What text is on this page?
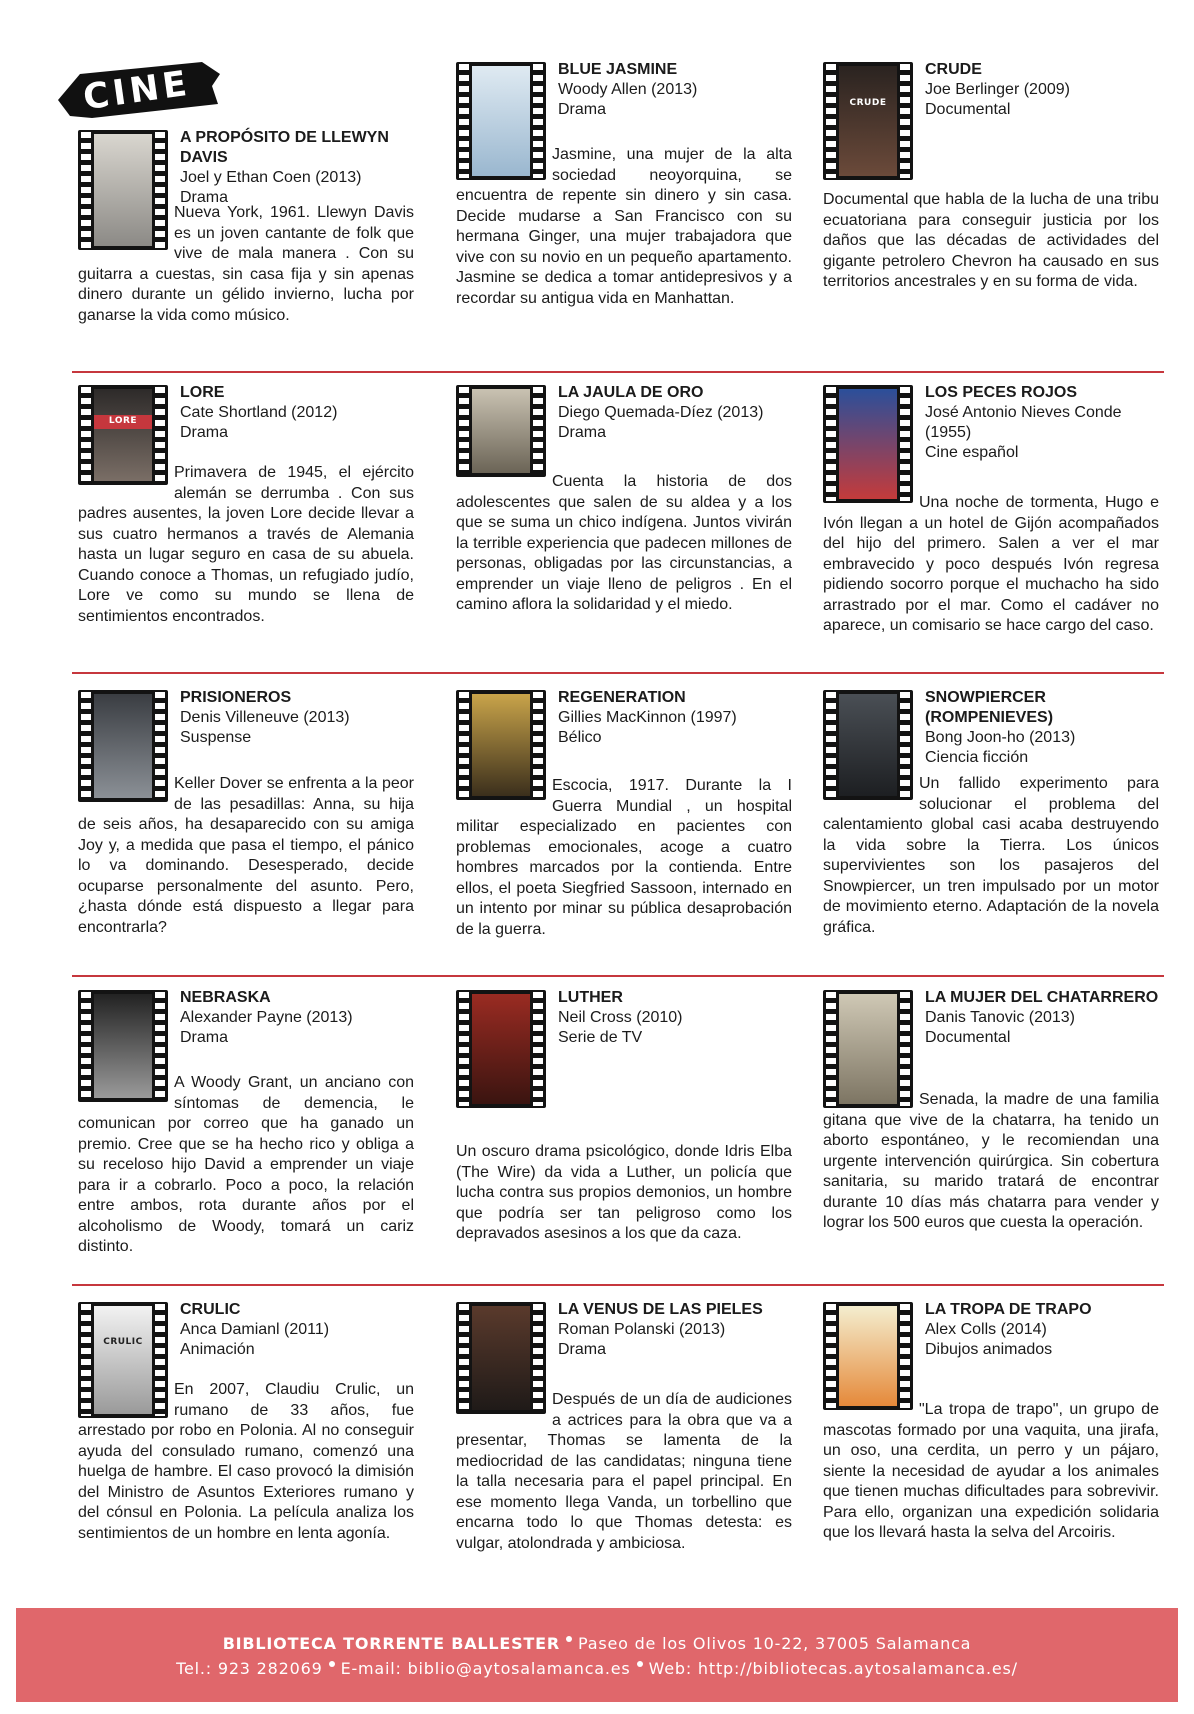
CINE
A PROPÓSITO DE LLEWYN DAVIS
Joel y Ethan Coen (2013)
Drama
Nueva York, 1961. Llewyn Davis es un joven cantante de folk que vive de mala manera . Con su guitarra a cuestas, sin casa fija y sin apenas dinero durante un gélido invierno, lucha por ganarse la vida como músico.
BLUE JASMINE
Woody Allen (2013)
Drama
Jasmine, una mujer de la alta sociedad neoyorquina, se encuentra de repente sin dinero y sin casa. Decide mudarse a San Francisco con su hermana Ginger, una mujer trabajadora que vive con su novio en un pequeño apartamento. Jasmine se dedica a tomar antidepresivos y a recordar su antigua vida en Manhattan.
CRUDE
CRUDE
Joe Berlinger (2009)
Documental
Documental que habla de la lucha de una tribu ecuatoriana para conseguir justicia por los daños que las décadas de actividades del gigante petrolero Chevron ha causado en sus territorios ancestrales y en su forma de vida.
LORE
LORE
Cate Shortland (2012)
Drama
Primavera de 1945, el ejército alemán se derrumba . Con sus padres ausentes, la joven Lore decide llevar a sus cuatro hermanos a través de Alemania hasta un lugar seguro en casa de su abuela. Cuando conoce a Thomas, un refugiado judío, Lore ve como su mundo se llena de sentimientos encontrados.
LA JAULA DE ORO
Diego Quemada-Díez (2013)
Drama
Cuenta la historia de dos adolescentes que salen de su aldea y a los que se suma un chico indígena. Juntos vivirán la terrible experiencia que padecen millones de personas, obligadas por las circunstancias, a emprender un viaje lleno de peligros . En el camino aflora la solidaridad y el miedo.
LOS PECES ROJOS
José Antonio Nieves Conde (1955)
Cine español
Una noche de tormenta, Hugo e Ivón llegan a un hotel de Gijón acompañados del hijo del primero. Salen a ver el mar embravecido y poco después Ivón regresa pidiendo socorro porque el muchacho ha sido arrastrado por el mar. Como el cadáver no aparece, un comisario se hace cargo del caso.
PRISIONEROS
Denis Villeneuve (2013)
Suspense
Keller Dover se enfrenta a la peor de las pesadillas: Anna, su hija de seis años, ha desaparecido con su amiga Joy y, a medida que pasa el tiempo, el pánico lo va dominando. Desesperado, decide ocuparse personalmente del asunto. Pero, ¿hasta dónde está dispuesto a llegar para encontrarla?
REGENERATION
Gillies MacKinnon (1997)
Bélico
Escocia, 1917. Durante la I Guerra Mundial , un hospital militar especializado en pacientes con problemas emocionales, acoge a cuatro hombres marcados por la contienda. Entre ellos, el poeta Siegfried Sassoon, internado en un intento por minar su pública desaprobación de la guerra.
SNOWPIERCER (ROMPENIEVES)
Bong Joon-ho (2013)
Ciencia ficción
Un fallido experimento para solucionar el problema del calentamiento global casi acaba destruyendo la vida sobre la Tierra. Los únicos supervivientes son los pasajeros del Snowpiercer, un tren impulsado por un motor de movimiento eterno. Adaptación de la novela gráfica.
NEBRASKA
Alexander Payne (2013)
Drama
A Woody Grant, un anciano con síntomas de demencia, le comunican por correo que ha ganado un premio. Cree que se ha hecho rico y obliga a su receloso hijo David a emprender un viaje para ir a cobrarlo. Poco a poco, la relación entre ambos, rota durante años por el alcoholismo de Woody, tomará un cariz distinto.
LUTHER
Neil Cross (2010)
Serie de TV
Un oscuro drama psicológico, donde Idris Elba (The Wire) da vida a Luther, un policía que lucha contra sus propios demonios, un hombre que podría ser tan peligroso como los depravados asesinos a los que da caza.
LA MUJER DEL CHATARRERO
Danis Tanovic (2013)
Documental
Senada, la madre de una familia gitana que vive de la chatarra, ha tenido un aborto espontáneo, y le recomiendan una urgente intervención quirúrgica. Sin cobertura sanitaria, su marido tratará de encontrar durante 10 días más chatarra para vender y lograr los 500 euros que cuesta la operación.
CRULIC
CRULIC
Anca Damianl (2011)
Animación
En 2007, Claudiu Crulic, un rumano de 33 años, fue arrestado por robo en Polonia. Al no conseguir ayuda del consulado rumano, comenzó una huelga de hambre. El caso provocó la dimisión del Ministro de Asuntos Exteriores rumano y del cónsul en Polonia. La película analiza los sentimientos de un hombre en lenta agonía.
LA VENUS DE LAS PIELES
Roman Polanski (2013)
Drama
Después de un día de audiciones a actrices para la obra que va a presentar, Thomas se lamenta de la mediocridad de las candidatas; ninguna tiene la talla necesaria para el papel principal. En ese momento llega Vanda, un torbellino que encarna todo lo que Thomas detesta: es vulgar, atolondrada y ambiciosa.
LA TROPA DE TRAPO
Alex Colls (2014)
Dibujos animados
"La tropa de trapo", un grupo de mascotas formado por una vaquita, una jirafa, un oso, una cerdita, un perro y un pájaro, siente la necesidad de ayudar a los animales que tienen muchas dificultades para sobrevivir. Para ello, organizan una expedición solidaria que los llevará hasta la selva del Arcoiris.
BIBLIOTECA TORRENTE BALLESTER Paseo de los Olivos 10-22, 37005 Salamanca
Tel.: 923 282069 E-mail: biblio@aytosalamanca.es Web: http://bibliotecas.aytosalamanca.es/
